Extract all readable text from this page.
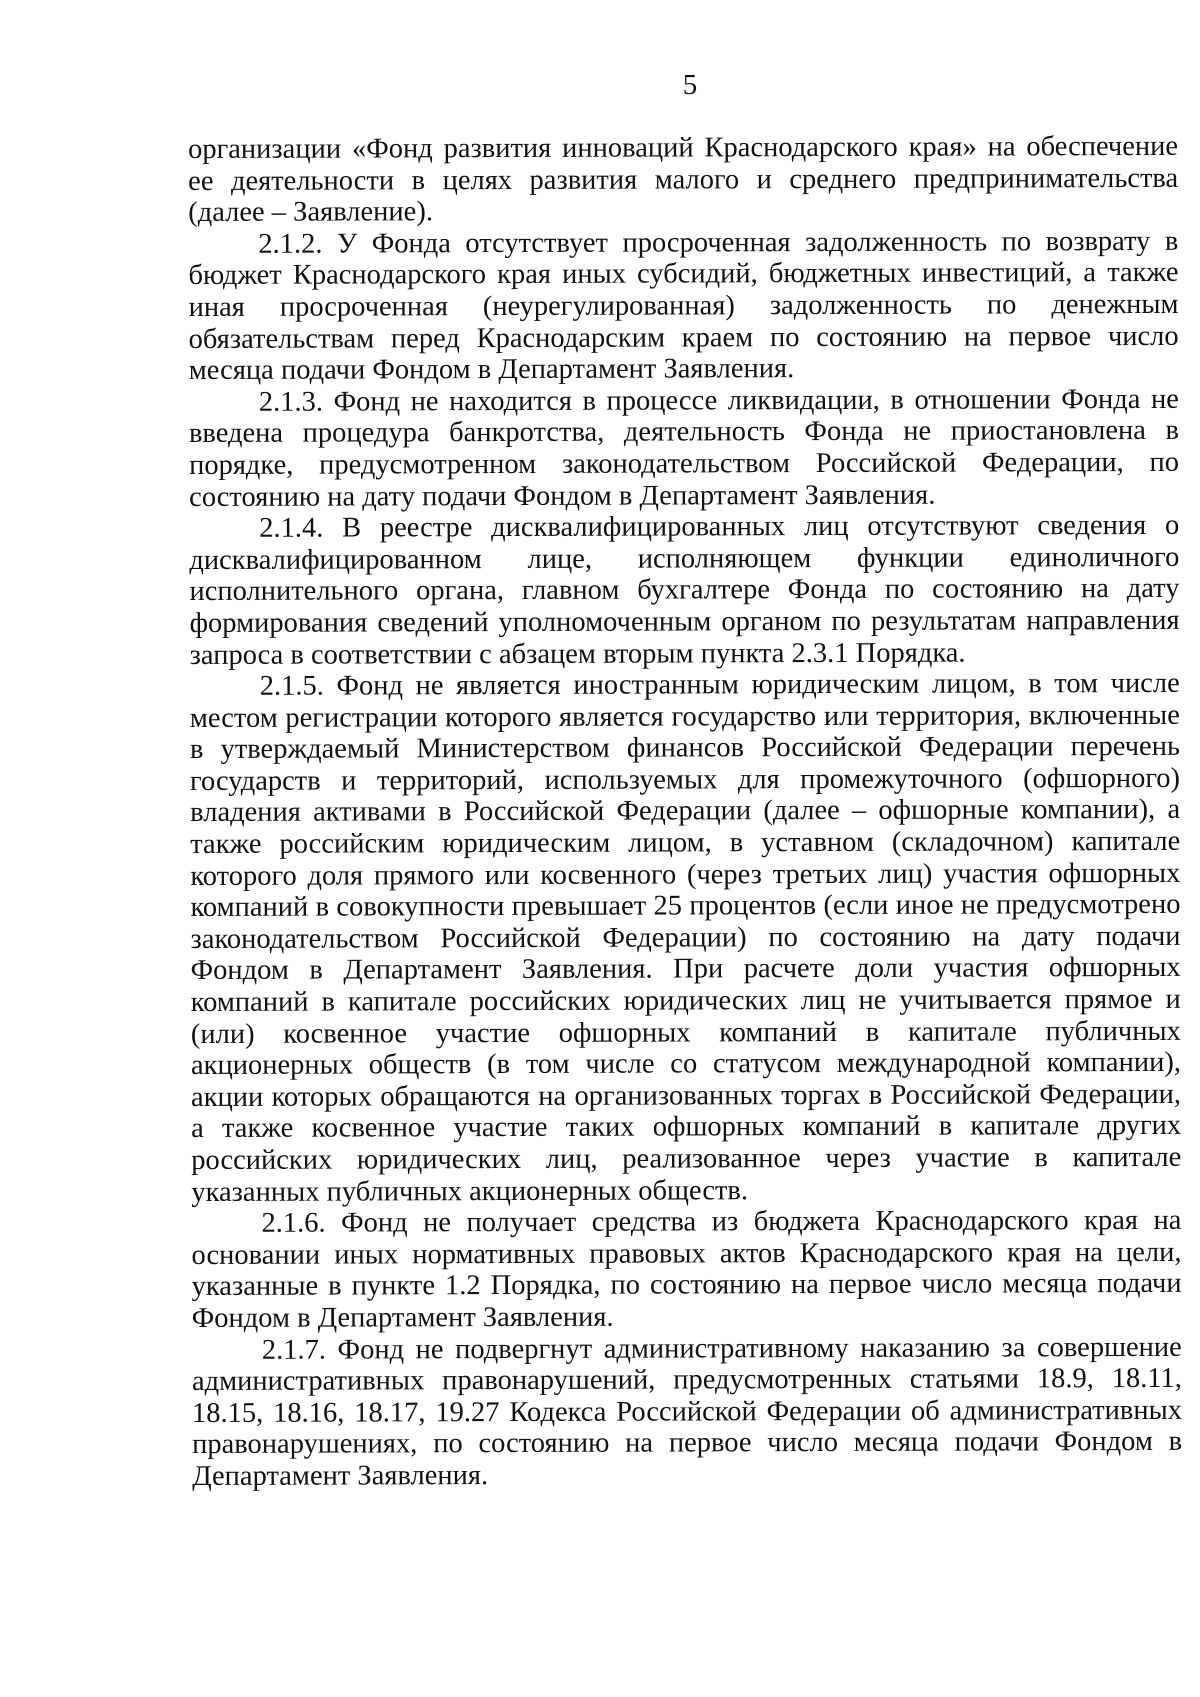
5

организации «Фонд развития инноваций Краснодарского края» на обеспечение ее деятельности в целях развития малого и среднего предпринимательства (далее – Заявление).

2.1.2. У Фонда отсутствует просроченная задолженность по возврату в бюджет Краснодарского края иных субсидий, бюджетных инвестиций, а также иная просроченная (неурегулированная) задолженность по денежным обязательствам перед Краснодарским краем по состоянию на первое число месяца подачи Фондом в Департамент Заявления.

2.1.3. Фонд не находится в процессе ликвидации, в отношении Фонда не введена процедура банкротства, деятельность Фонда не приостановлена в порядке, предусмотренном законодательством Российской Федерации, по состоянию на дату подачи Фондом в Департамент Заявления.

2.1.4. В реестре дисквалифицированных лиц отсутствуют сведения о дисквалифицированном лице, исполняющем функции единоличного исполнительного органа, главном бухгалтере Фонда по состоянию на дату формирования сведений уполномоченным органом по результатам направления запроса в соответствии с абзацем вторым пункта 2.3.1 Порядка.

2.1.5. Фонд не является иностранным юридическим лицом, в том числе местом регистрации которого является государство или территория, включенные в утверждаемый Министерством финансов Российской Федерации перечень государств и территорий, используемых для промежуточного (офшорного) владения активами в Российской Федерации (далее – офшорные компании), а также российским юридическим лицом, в уставном (складочном) капитале которого доля прямого или косвенного (через третьих лиц) участия офшорных компаний в совокупности превышает 25 процентов (если иное не предусмотрено законодательством Российской Федерации) по состоянию на дату подачи Фондом в Департамент Заявления. При расчете доли участия офшорных компаний в капитале российских юридических лиц не учитывается прямое и (или) косвенное участие офшорных компаний в капитале публичных акционерных обществ (в том числе со статусом международной компании), акции которых обращаются на организованных торгах в Российской Федерации, а также косвенное участие таких офшорных компаний в капитале других российских юридических лиц, реализованное через участие в капитале указанных публичных акционерных обществ.

2.1.6. Фонд не получает средства из бюджета Краснодарского края на основании иных нормативных правовых актов Краснодарского края на цели, указанные в пункте 1.2 Порядка, по состоянию на первое число месяца подачи Фондом в Департамент Заявления.

2.1.7. Фонд не подвергнут административному наказанию за совершение административных правонарушений, предусмотренных статьями 18.9, 18.11, 18.15, 18.16, 18.17, 19.27 Кодекса Российской Федерации об административных правонарушениях, по состоянию на первое число месяца подачи Фондом в Департамент Заявления.
